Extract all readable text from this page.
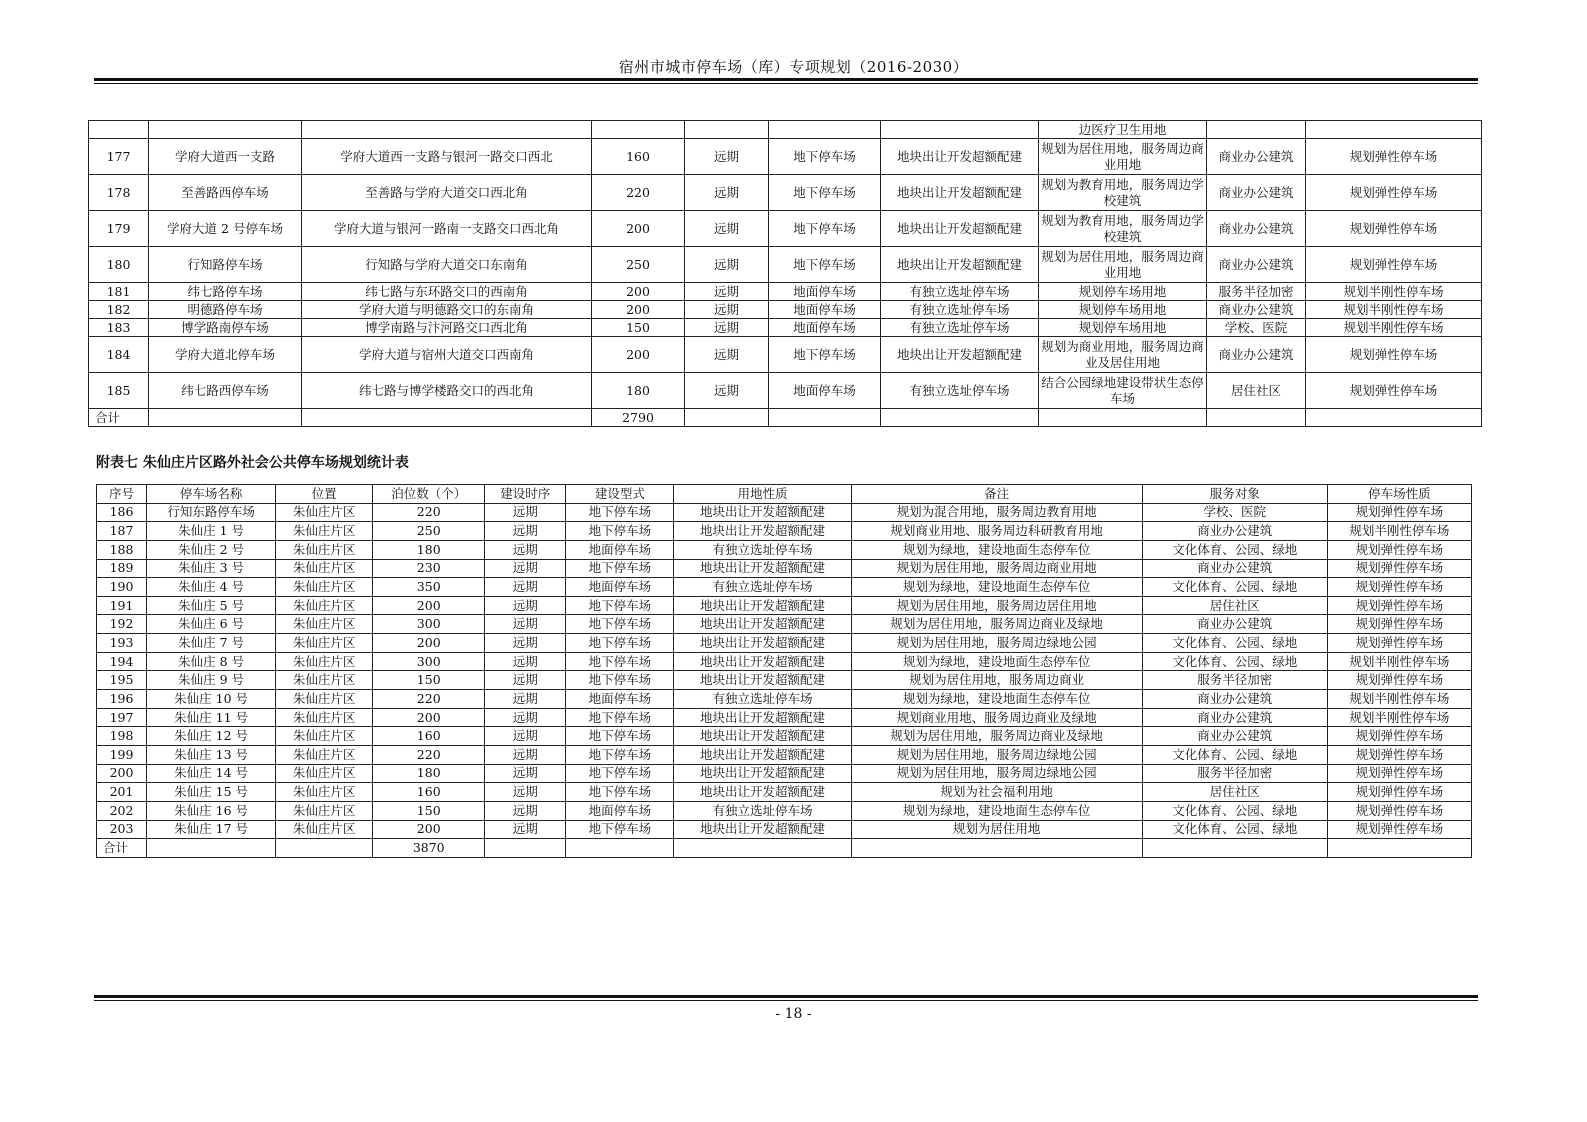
宿州市城市停车场（库）专项规划（2016-2030）
							边医疗卫生用地		
177	学府大道西一支路	学府大道西一支路与银河一路交口西北	160	远期	地下停车场	地块出让开发超额配建	规划为居住用地，服务周边商业用地	商业办公建筑	规划弹性停车场
178	至善路西停车场	至善路与学府大道交口西北角	220	远期	地下停车场	地块出让开发超额配建	规划为教育用地，服务周边学校建筑	商业办公建筑	规划弹性停车场
179	学府大道 2 号停车场	学府大道与银河一路南一支路交口西北角	200	远期	地下停车场	地块出让开发超额配建	规划为教育用地，服务周边学校建筑	商业办公建筑	规划弹性停车场
180	行知路停车场	行知路与学府大道交口东南角	250	远期	地下停车场	地块出让开发超额配建	规划为居住用地，服务周边商业用地	商业办公建筑	规划弹性停车场
181	纬七路停车场	纬七路与东环路交口的西南角	200	远期	地面停车场	有独立选址停车场	规划停车场用地	服务半径加密	规划半刚性停车场
182	明德路停车场	学府大道与明德路交口的东南角	200	远期	地面停车场	有独立选址停车场	规划停车场用地	商业办公建筑	规划半刚性停车场
183	博学路南停车场	博学南路与汴河路交口西北角	150	远期	地面停车场	有独立选址停车场	规划停车场用地	学校、医院	规划半刚性停车场
184	学府大道北停车场	学府大道与宿州大道交口西南角	200	远期	地下停车场	地块出让开发超额配建	规划为商业用地，服务周边商业及居住用地	商业办公建筑	规划弹性停车场
185	纬七路西停车场	纬七路与博学楼路交口的西北角	180	远期	地面停车场	有独立选址停车场	结合公园绿地建设带状生态停车场	居住社区	规划弹性停车场
合计			2790						
附表七 朱仙庄片区路外社会公共停车场规划统计表
序号	停车场名称	位置	泊位数（个）	建设时序	建设型式	用地性质	备注	服务对象	停车场性质
186	行知东路停车场	朱仙庄片区	220	远期	地下停车场	地块出让开发超额配建	规划为混合用地，服务周边教育用地	学校、医院	规划弹性停车场
187	朱仙庄 1 号	朱仙庄片区	250	远期	地下停车场	地块出让开发超额配建	规划商业用地、服务周边科研教育用地	商业办公建筑	规划半刚性停车场
188	朱仙庄 2 号	朱仙庄片区	180	远期	地面停车场	有独立选址停车场	规划为绿地，建设地面生态停车位	文化体育、公园、绿地	规划弹性停车场
189	朱仙庄 3 号	朱仙庄片区	230	远期	地下停车场	地块出让开发超额配建	规划为居住用地，服务周边商业用地	商业办公建筑	规划弹性停车场
190	朱仙庄 4 号	朱仙庄片区	350	远期	地面停车场	有独立选址停车场	规划为绿地，建设地面生态停车位	文化体育、公园、绿地	规划弹性停车场
191	朱仙庄 5 号	朱仙庄片区	200	远期	地下停车场	地块出让开发超额配建	规划为居住用地，服务周边居住用地	居住社区	规划弹性停车场
192	朱仙庄 6 号	朱仙庄片区	300	远期	地下停车场	地块出让开发超额配建	规划为居住用地，服务周边商业及绿地	商业办公建筑	规划弹性停车场
193	朱仙庄 7 号	朱仙庄片区	200	远期	地下停车场	地块出让开发超额配建	规划为居住用地，服务周边绿地公园	文化体育、公园、绿地	规划弹性停车场
194	朱仙庄 8 号	朱仙庄片区	300	远期	地下停车场	地块出让开发超额配建	规划为绿地，建设地面生态停车位	文化体育、公园、绿地	规划半刚性停车场
195	朱仙庄 9 号	朱仙庄片区	150	远期	地下停车场	地块出让开发超额配建	规划为居住用地，服务周边商业	服务半径加密	规划弹性停车场
196	朱仙庄 10 号	朱仙庄片区	220	远期	地面停车场	有独立选址停车场	规划为绿地，建设地面生态停车位	商业办公建筑	规划半刚性停车场
197	朱仙庄 11 号	朱仙庄片区	200	远期	地下停车场	地块出让开发超额配建	规划商业用地、服务周边商业及绿地	商业办公建筑	规划半刚性停车场
198	朱仙庄 12 号	朱仙庄片区	160	远期	地下停车场	地块出让开发超额配建	规划为居住用地，服务周边商业及绿地	商业办公建筑	规划弹性停车场
199	朱仙庄 13 号	朱仙庄片区	220	远期	地下停车场	地块出让开发超额配建	规划为居住用地，服务周边绿地公园	文化体育、公园、绿地	规划弹性停车场
200	朱仙庄 14 号	朱仙庄片区	180	远期	地下停车场	地块出让开发超额配建	规划为居住用地，服务周边绿地公园	服务半径加密	规划弹性停车场
201	朱仙庄 15 号	朱仙庄片区	160	远期	地下停车场	地块出让开发超额配建	规划为社会福利用地	居住社区	规划弹性停车场
202	朱仙庄 16 号	朱仙庄片区	150	远期	地面停车场	有独立选址停车场	规划为绿地，建设地面生态停车位	文化体育、公园、绿地	规划弹性停车场
203	朱仙庄 17 号	朱仙庄片区	200	远期	地下停车场	地块出让开发超额配建	规划为居住用地	文化体育、公园、绿地	规划弹性停车场
合计			3870						
- 18 -
